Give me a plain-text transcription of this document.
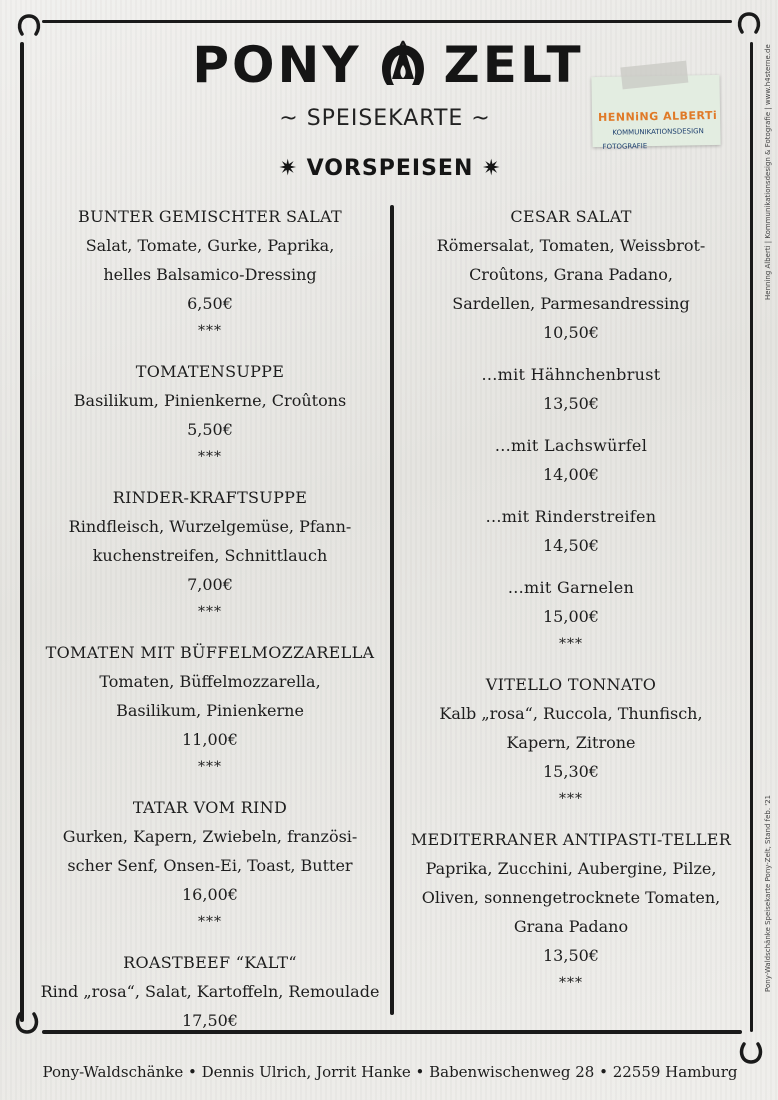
PONY ZELT
~ SPEISEKARTE ~	HENNiNG ALBERTi
KOMMUNIKATIONSDESIGN
FOTOGRAFIE	Henning Alberti | Kommunikationsdesign & Fotografie | www.h4sterne.de
Pony-Waldschänke Speisekarte Pony-Zelt, Stand feb. '21
✷ VORSPEISEN ✷
BUNTER GEMISCHTER SALAT
Salat, Tomate, Gurke, Paprika,
helles Balsamico-Dressing
6,50€
***
TOMATENSUPPE
Basilikum, Pinienkerne, Croûtons
5,50€
***
RINDER-KRAFTSUPPE
Rindfleisch, Wurzelgemüse, Pfann-
kuchenstreifen, Schnittlauch
7,00€
***
TOMATEN MIT BÜFFELMOZZARELLA
Tomaten, Büffelmozzarella,
Basilikum, Pinienkerne
11,00€
***
TATAR VOM RIND
Gurken, Kapern, Zwiebeln, französi-
scher Senf, Onsen-Ei, Toast, Butter
16,00€
***
ROASTBEEF “KALT“
Rind „rosa“, Salat, Kartoffeln, Remoulade
17,50€
CESAR SALAT
Römersalat, Tomaten, Weissbrot-
Croûtons, Grana Padano,
Sardellen, Parmesandressing
10,50€
...mit Hähnchenbrust
13,50€
...mit Lachswürfel
14,00€
...mit Rinderstreifen
14,50€
...mit Garnelen
15,00€
***
VITELLO TONNATO
Kalb „rosa“, Ruccola, Thunfisch,
Kapern, Zitrone
15,30€
***
MEDITERRANER ANTIPASTI-TELLER
Paprika, Zucchini, Aubergine, Pilze,
Oliven, sonnengetrocknete Tomaten,
Grana Padano
13,50€
***
Pony-Waldschänke • Dennis Ulrich, Jorrit Hanke • Babenwischenweg 28 • 22559 Hamburg
